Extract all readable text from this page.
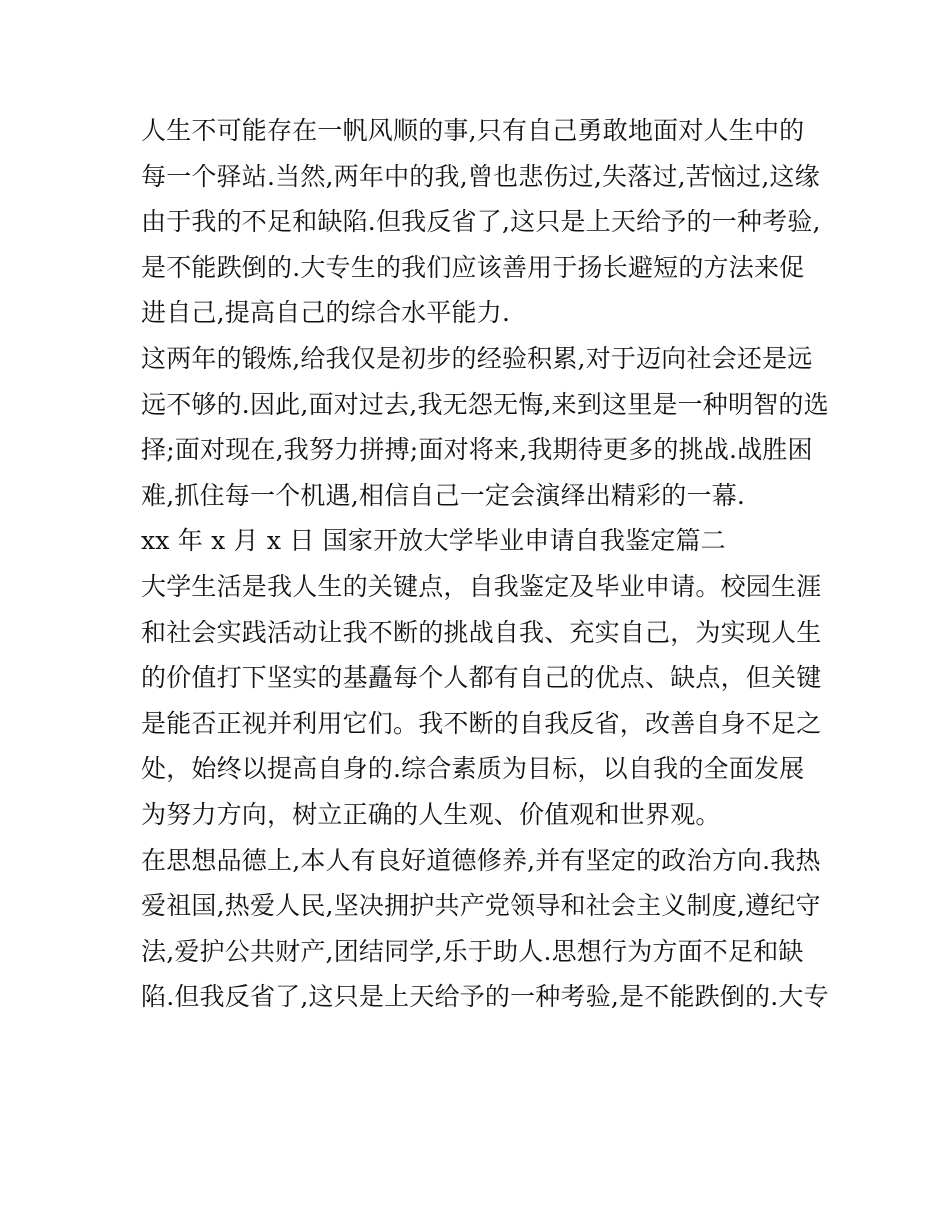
人生不可能存在一帆风顺的事,只有自己勇敢地面对人生中的
每一个驿站.当然,两年中的我,曾也悲伤过,失落过,苦恼过,这缘
由于我的不足和缺陷.但我反省了,这只是上天给予的一种考验,
是不能跌倒的.大专生的我们应该善用于扬长避短的方法来促
进自己,提高自己的综合水平能力.
这两年的锻炼,给我仅是初步的经验积累,对于迈向社会还是远
远不够的.因此,面对过去,我无怨无悔,来到这里是一种明智的选
择;面对现在,我努力拼搏;面对将来,我期待更多的挑战.战胜困
难,抓住每一个机遇,相信自己一定会演绎出精彩的一幕.
xx 年 x 月 x 日 国家开放大学毕业申请自我鉴定篇二
大学生活是我人生的关键点，自我鉴定及毕业申请。校园生涯
和社会实践活动让我不断的挑战自我、充实自己，为实现人生
的价值打下坚实的基矗每个人都有自己的优点、缺点，但关键
是能否正视并利用它们。我不断的自我反省，改善自身不足之
处，始终以提高自身的.综合素质为目标，以自我的全面发展
为努力方向，树立正确的人生观、价值观和世界观。
在思想品德上,本人有良好道德修养,并有坚定的政治方向.我热
爱祖国,热爱人民,坚决拥护共产党领导和社会主义制度,遵纪守
法,爱护公共财产,团结同学,乐于助人.思想行为方面不足和缺
陷.但我反省了,这只是上天给予的一种考验,是不能跌倒的.大专
